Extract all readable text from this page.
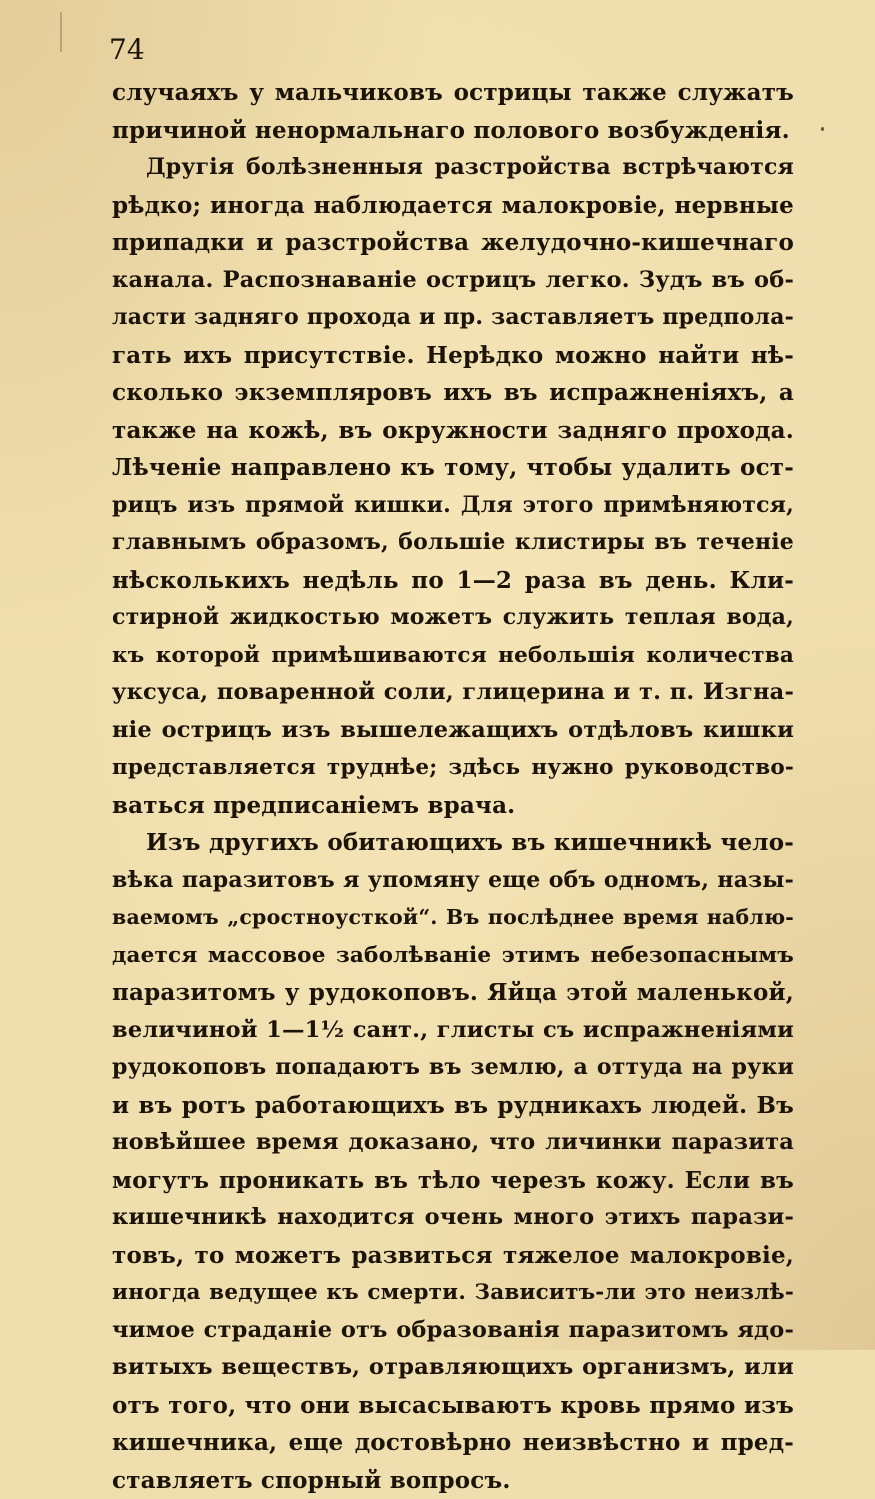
74
случаяхъ у мальчиковъ острицы также служатъ
причиной ненормальнаго полового возбужденія.
Другія болѣзненныя разстройства встрѣчаются
рѣдко; иногда наблюдается малокровіе, нервные
припадки и разстройства желудочно-кишечнаго
канала. Распознаваніе острицъ легко. Зудъ въ об-
ласти задняго прохода и пр. заставляетъ предпола-
гать ихъ присутствіе. Нерѣдко можно найти нѣ-
сколько экземпляровъ ихъ въ испражненіяхъ, а
также на кожѣ, въ окружности задняго прохода.
Лѣченіе направлено къ тому, чтобы удалить ост-
рицъ изъ прямой кишки. Для этого примѣняются,
главнымъ образомъ, большіе клистиры въ теченіе
нѣсколькихъ недѣль по 1—2 раза въ день. Кли-
стирной жидкостью можетъ служить теплая вода,
къ которой примѣшиваются небольшія количества
уксуса, поваренной соли, глицерина и т. п. Изгна-
ніе острицъ изъ вышележащихъ отдѣловъ кишки
представляется труднѣе; здѣсь нужно руководство-
ваться предписаніемъ врача.
Изъ другихъ обитающихъ въ кишечникѣ чело-
вѣка паразитовъ я упомяну еще объ одномъ, назы-
ваемомъ „сростноусткой“. Въ послѣднее время наблю-
дается массовое заболѣваніе этимъ небезопаснымъ
паразитомъ у рудокоповъ. Яйца этой маленькой,
величиной 1—1½ сант., глисты съ испражненіями
рудокоповъ попадаютъ въ землю, а оттуда на руки
и въ ротъ работающихъ въ рудникахъ людей. Въ
новѣйшее время доказано, что личинки паразита
могутъ проникать въ тѣло черезъ кожу. Если въ
кишечникѣ находится очень много этихъ парази-
товъ, то можетъ развиться тяжелое малокровіе,
иногда ведущее къ смерти. Зависитъ-ли это неизлѣ-
чимое страданіе отъ образованія паразитомъ ядо-
витыхъ веществъ, отравляющихъ организмъ, или
отъ того, что они высасываютъ кровь прямо изъ
кишечника, еще достовѣрно неизвѣстно и пред-
ставляетъ спорный вопросъ.
